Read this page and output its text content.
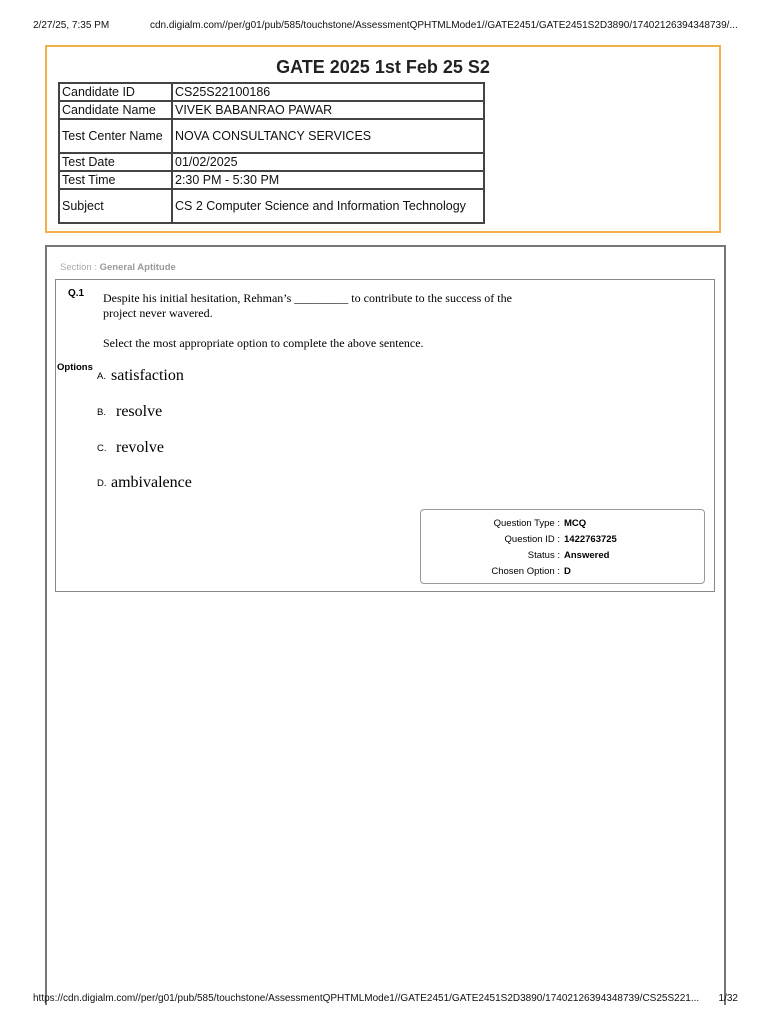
2/27/25, 7:35 PM	cdn.digialm.com//per/g01/pub/585/touchstone/AssessmentQPHTMLMode1//GATE2451/GATE2451S2D3890/17402126394348739/...
GATE 2025 1st Feb 25 S2
Candidate ID	CS25S22100186
Candidate Name	VIVEK BABANRAO PAWAR
Test Center Name	NOVA CONSULTANCY SERVICES
Test Date	01/02/2025
Test Time	2:30 PM - 5:30 PM
Subject	CS 2 Computer Science and Information Technology
Section : General Aptitude
Q.1 Despite his initial hesitation, Rehman’s _________ to contribute to the success of the project never wavered.
Select the most appropriate option to complete the above sentence.
Options
A. satisfaction
B. resolve
C. revolve
D. ambivalence
Question Type : MCQ
Question ID : 1422763725
Status : Answered
Chosen Option : D
https://cdn.digialm.com//per/g01/pub/585/touchstone/AssessmentQPHTMLMode1//GATE2451/GATE2451S2D3890/17402126394348739/CS25S221... 1/32
